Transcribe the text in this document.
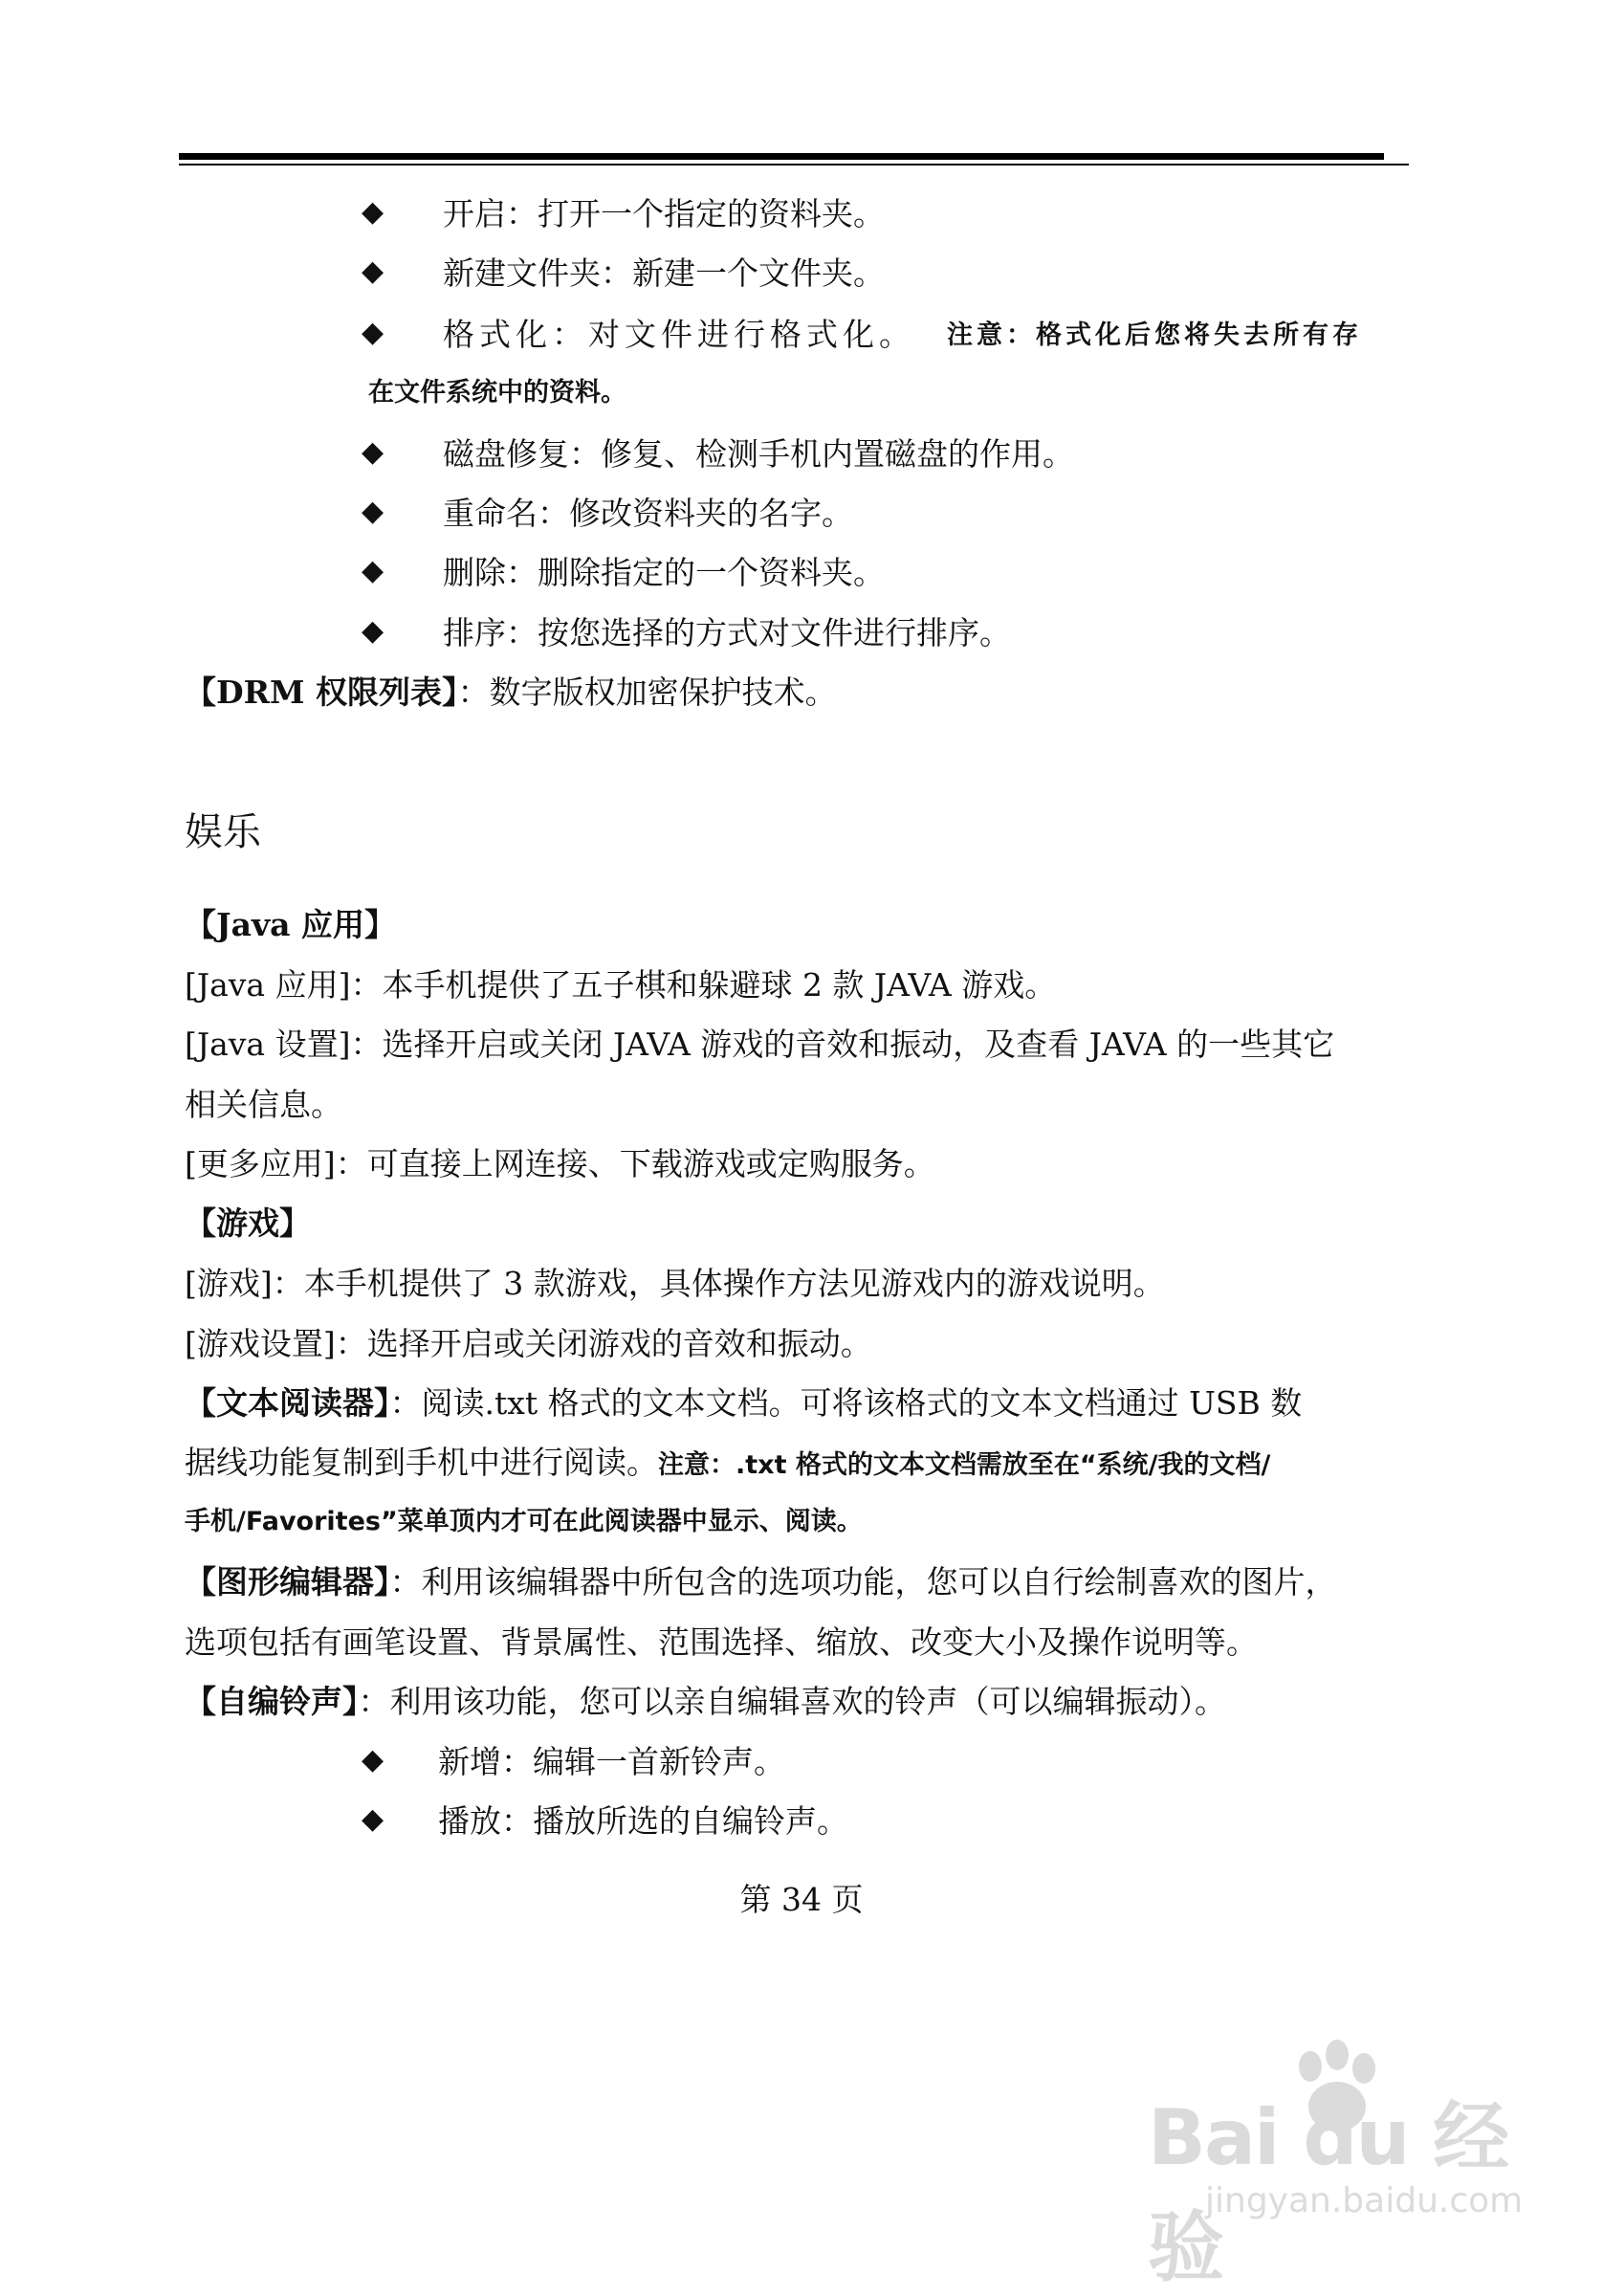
◆ 开启：打开一个指定的资料夹。
◆ 新建文件夹：新建一个文件夹。
◆ 格式化：对文件进行格式化。 注意：格式化后您将失去所有存
在文件系统中的资料。
◆ 磁盘修复：修复、检测手机内置磁盘的作用。
◆ 重命名：修改资料夹的名字。
◆ 删除：删除指定的一个资料夹。
◆ 排序：按您选择的方式对文件进行排序。
【DRM 权限列表】：数字版权加密保护技术。
娱乐
【Java 应用】
[Java 应用]：本手机提供了五子棋和躲避球 2 款 JAVA 游戏。
[Java 设置]：选择开启或关闭 JAVA 游戏的音效和振动，及查看 JAVA 的一些其它
相关信息。
[更多应用]：可直接上网连接、下载游戏或定购服务。
【游戏】
[游戏]：本手机提供了 3 款游戏，具体操作方法见游戏内的游戏说明。
[游戏设置]：选择开启或关闭游戏的音效和振动。
【文本阅读器】：阅读.txt 格式的文本文档。可将该格式的文本文档通过 USB 数
据线功能复制到手机中进行阅读。注意：.txt 格式的文本文档需放至在“系统/我的文档/
手机/Favorites”菜单顶内才可在此阅读器中显示、阅读。
【图形编辑器】：利用该编辑器中所包含的选项功能，您可以自行绘制喜欢的图片，
选项包括有画笔设置、背景属性、范围选择、缩放、改变大小及操作说明等。
【自编铃声】：利用该功能，您可以亲自编辑喜欢的铃声（可以编辑振动）。
◆ 新增：编辑一首新铃声。
◆ 播放：播放所选的自编铃声。
第 34 页
Bai du 经验
jingyan.baidu.com
